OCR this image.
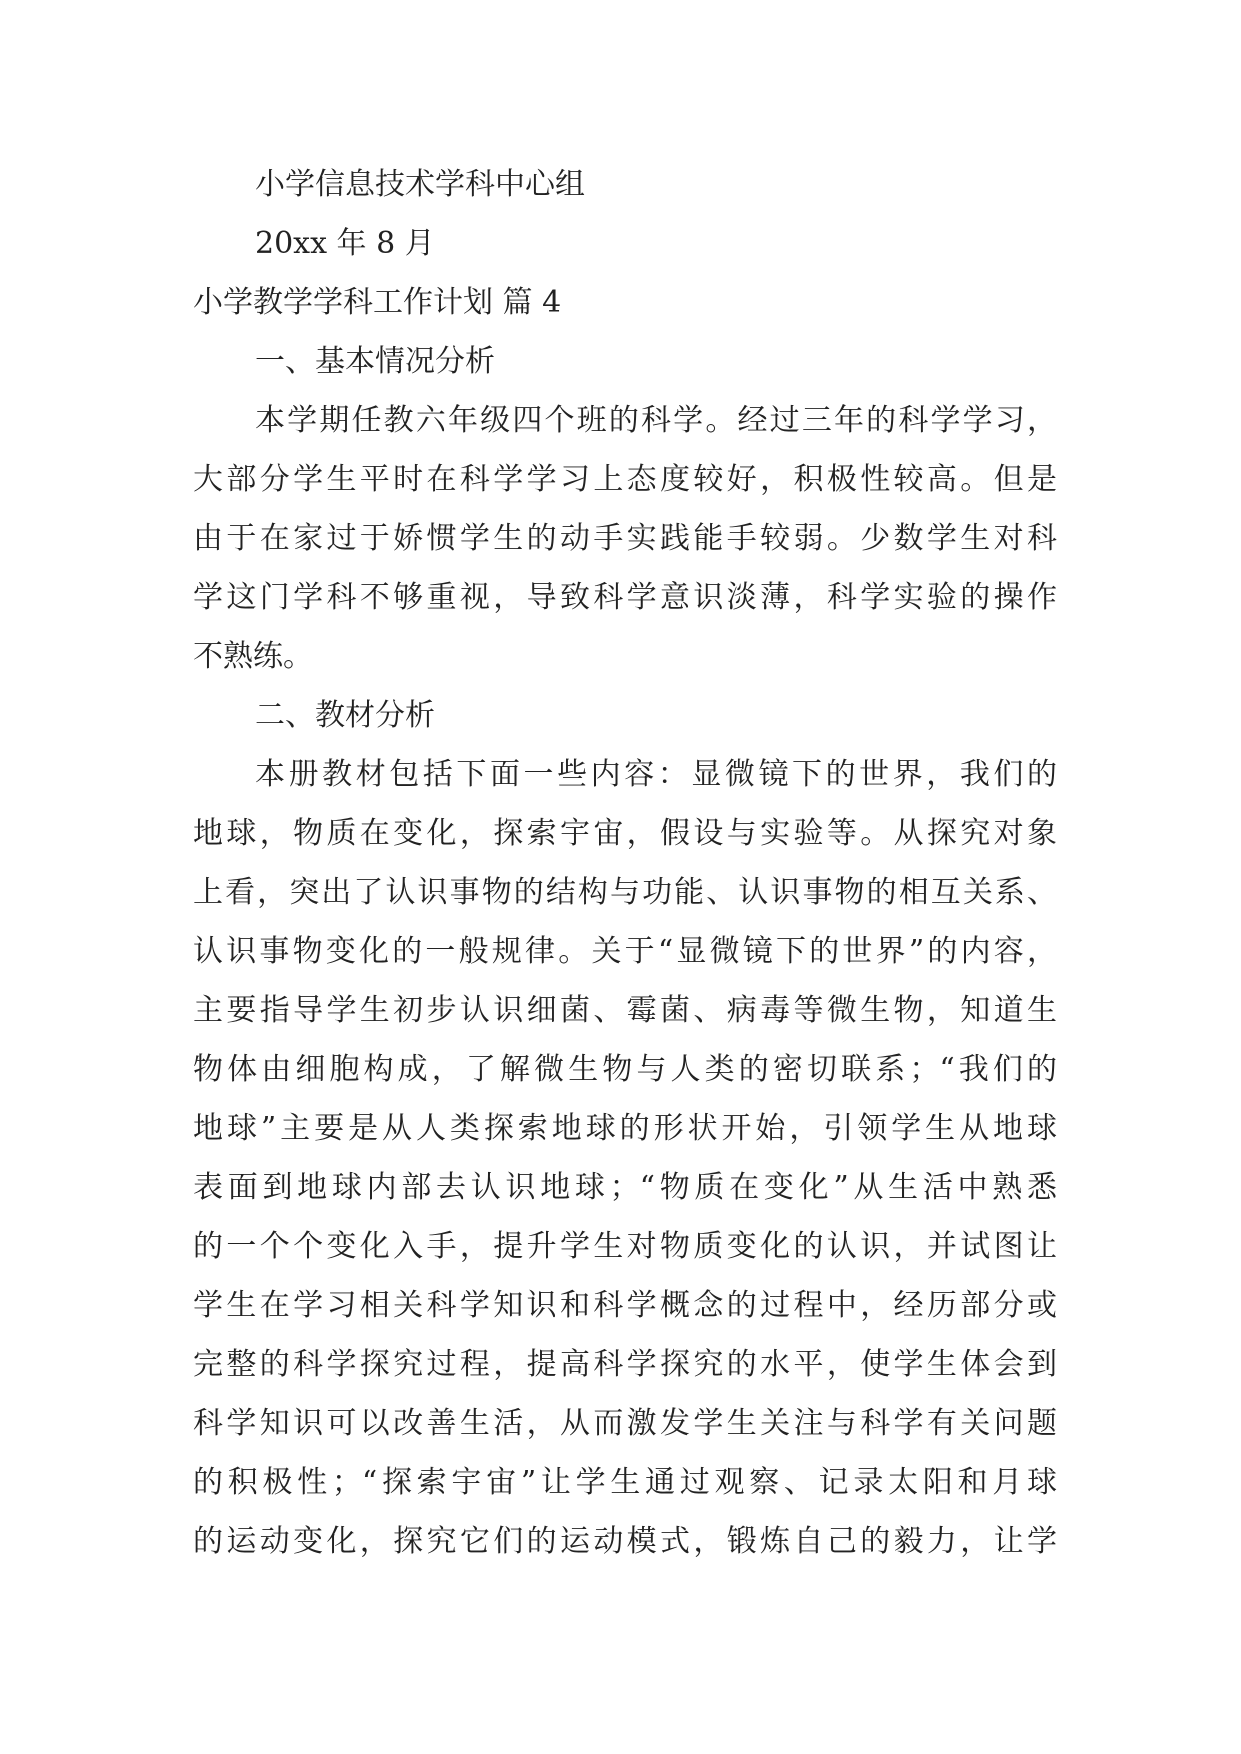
小学信息技术学科中心组
20xx 年 8 月
小学教学学科工作计划 篇 4
一、基本情况分析
本学期任教六年级四个班的科学。经过三年的科学学习，
大部分学生平时在科学学习上态度较好，积极性较高。但是
由于在家过于娇惯学生的动手实践能手较弱。少数学生对科
学这门学科不够重视，导致科学意识淡薄，科学实验的操作
不熟练。
二、教材分析
本册教材包括下面一些内容：显微镜下的世界，我们的
地球，物质在变化，探索宇宙，假设与实验等。从探究对象
上看，突出了认识事物的结构与功能、认识事物的相互关系、
认识事物变化的一般规律。关于“显微镜下的世界”的内容，
主要指导学生初步认识细菌、霉菌、病毒等微生物，知道生
物体由细胞构成，了解微生物与人类的密切联系；“我们的
地球”主要是从人类探索地球的形状开始，引领学生从地球
表面到地球内部去认识地球；“物质在变化”从生活中熟悉
的一个个变化入手，提升学生对物质变化的认识，并试图让
学生在学习相关科学知识和科学概念的过程中，经历部分或
完整的科学探究过程，提高科学探究的水平，使学生体会到
科学知识可以改善生活，从而激发学生关注与科学有关问题
的积极性；“探索宇宙”让学生通过观察、记录太阳和月球
的运动变化，探究它们的运动模式，锻炼自己的毅力，让学
